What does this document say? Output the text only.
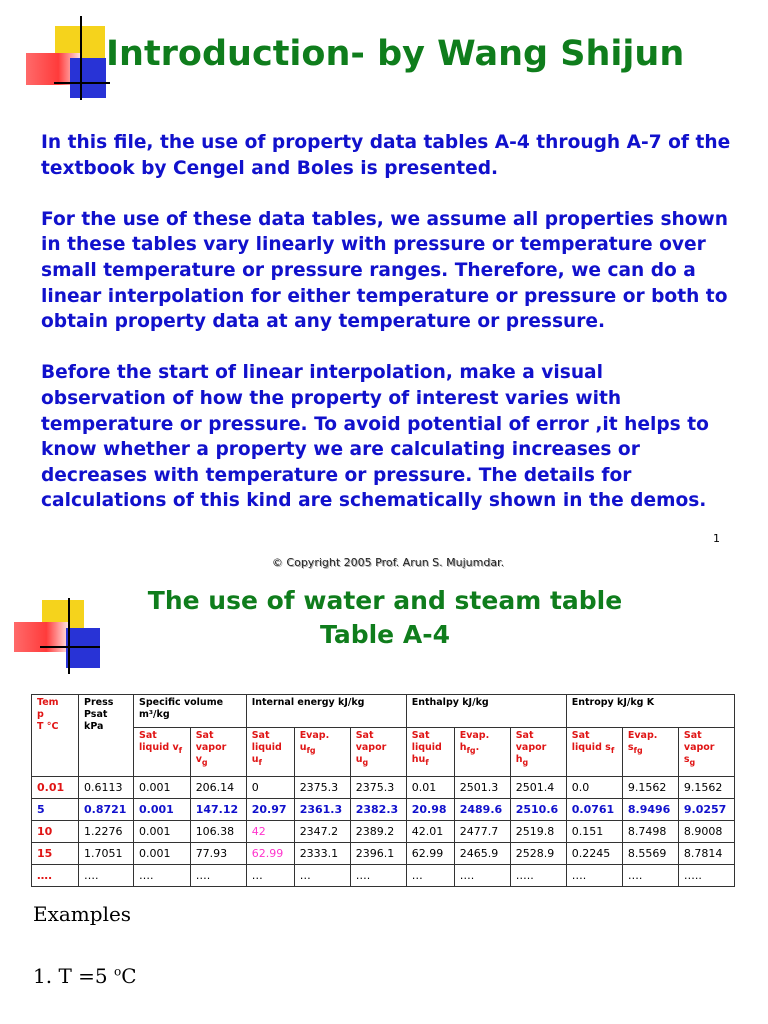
Introduction- by Wang Shijun

In this file, the use of property data tables A-4 through A-7 of the textbook by Cengel and Boles is presented.

For the use of these data tables, we assume all properties shown in these tables vary linearly with pressure or temperature over small temperature or pressure ranges. Therefore, we can do a linear interpolation for either temperature or pressure or both to obtain property data at any temperature or pressure.

Before the start of linear interpolation, make a visual observation of how the property of interest varies with temperature or pressure. To avoid potential of error ,it helps to know whether a property we are calculating increases or decreases with temperature or pressure. The details for calculations of this kind are schematically shown in the demos.

1
© Copyright 2005 Prof. Arun S. Mujumdar.
The use of water and steam table
Table A-4
Tem
p
T °C	Press
Psat
kPa	Specific volume
m³/kg		Internal energy kJ/kg			Enthalpy kJ/kg			Entropy kJ/kg K		
		Sat
liquid $v_f$	Sat
vapor
$v_g$	Sat
liquid
$u_f$	Evap.
$u_{fg}$	Sat
vapor
$u_g$	Sat
liquid
$hu_f$	Evap.
$h_{fg}$.	Sat
vapor
$h_g$	Sat
liquid $s_f$	Evap.
$s_{fg}$	Sat
vapor
$s_g$
0.01	0.6113	0.001	206.14	0	2375.3	2375.3	0.01	2501.3	2501.4	0.0	9.1562	9.1562
5	0.8721	0.001	147.12	20.97	2361.3	2382.3	20.98	2489.6	2510.6	0.0761	8.9496	9.0257
10	1.2276	0.001	106.38	42	2347.2	2389.2	42.01	2477.7	2519.8	0.151	8.7498	8.9008
15	1.7051	0.001	77.93	62.99	2333.1	2396.1	62.99	2465.9	2528.9	0.2245	8.5569	8.7814
….	….	….	….	…	…	….	…	….	…..	….	….	…..
Examples
1. T =5 $^o$C
